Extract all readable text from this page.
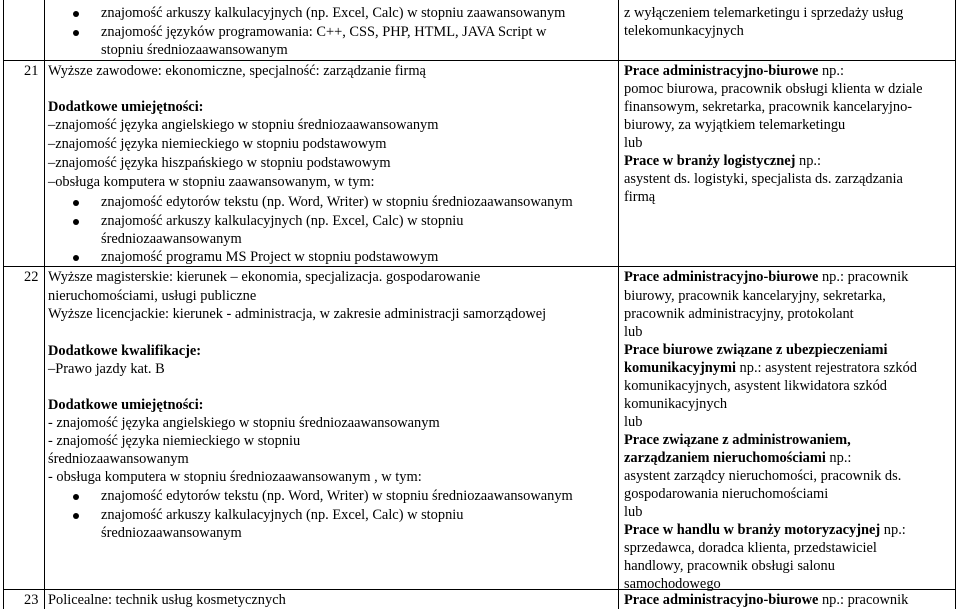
znajomość arkuszy kalkulacyjnych (np. Excel, Calc) w stopniu zaawansowanym
znajomość języków programowania: C++, CSS, PHP, HTML, JAVA Script w
stopniu średniozaawansowanym
z wyłączeniem telemarketingu i sprzedaży usług
telekomunkacyjnych
Wyższe zawodowe: ekonomiczne, specjalność: zarządzanie firmą
Dodatkowe umiejętności:
–znajomość języka angielskiego w stopniu średniozaawansowanym
–znajomość języka niemieckiego w stopniu podstawowym
–znajomość języka hiszpańskiego w stopniu podstawowym
–obsługa komputera w stopniu zaawansowanym, w tym:
znajomość edytorów tekstu (np. Word, Writer) w stopniu średniozaawansowanym
znajomość arkuszy kalkulacyjnych (np. Excel, Calc) w stopniu
średniozaawansowanym
znajomość programu MS Project w stopniu podstawowym
Prace administracyjno-biurowe np.:
pomoc biurowa, pracownik obsługi klienta w dziale
finansowym, sekretarka, pracownik kancelaryjno-
biurowy, za wyjątkiem telemarketingu
lub
Prace w branży logistycznej np.:
asystent ds. logistyki, specjalista ds. zarządzania
firmą
Wyższe magisterskie: kierunek – ekonomia, specjalizacja. gospodarowanie
nieruchomościami, usługi publiczne
Wyższe licencjackie: kierunek - administracja, w zakresie administracji samorządowej
Dodatkowe kwalifikacje:
–Prawo jazdy kat. B
Dodatkowe umiejętności:
- znajomość języka angielskiego w stopniu średniozaawansowanym
- znajomość języka niemieckiego w stopniu
średniozaawansowanym
- obsługa komputera w stopniu średniozaawansowanym , w tym:
znajomość edytorów tekstu (np. Word, Writer) w stopniu średniozaawansowanym
znajomość arkuszy kalkulacyjnych (np. Excel, Calc) w stopniu
średniozaawansowanym
Prace administracyjno-biurowe np.: pracownik
biurowy, pracownik kancelaryjny, sekretarka,
pracownik administracyjny, protokolant
lub
Prace biurowe związane z ubezpieczeniami
komunikacyjnymi np.: asystent rejestratora szkód
komunikacyjnych, asystent likwidatora szkód
komunikacyjnych
lub
Prace związane z administrowaniem,
zarządzaniem nieruchomościami np.:
asystent zarządcy nieruchomości, pracownik ds.
gospodarowania nieruchomościami
lub
Prace w handlu w branży motoryzacyjnej np.:
sprzedawca, doradca klienta, przedstawiciel
handlowy, pracownik obsługi salonu
samochodowego
Policealne: technik usług kosmetycznych	Prace administracyjno-biurowe np.: pracownik
21
22
23
